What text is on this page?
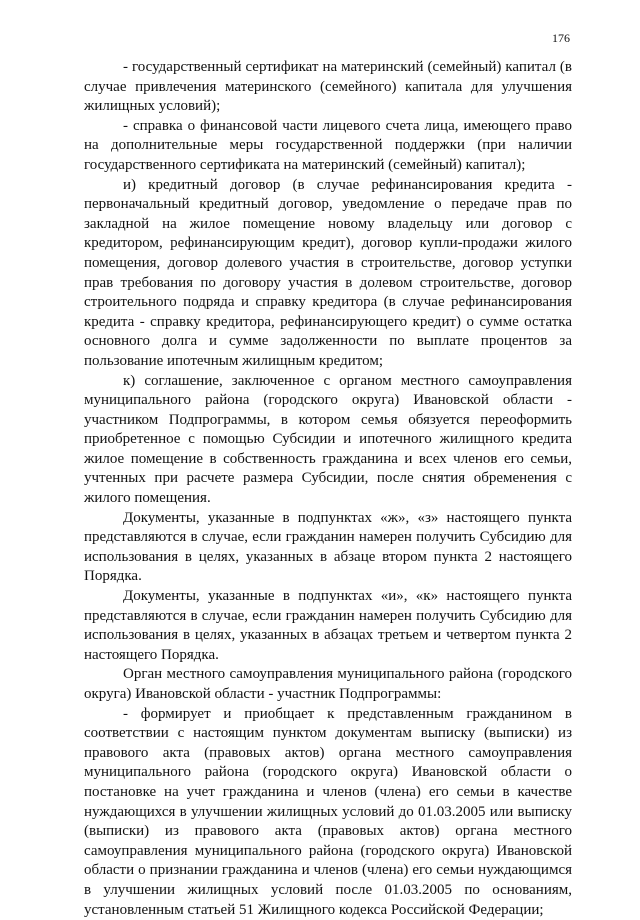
176

- государственный сертификат на материнский (семейный) капитал (в случае привлечения материнского (семейного) капитала для улучшения жилищных условий);

- справка о финансовой части лицевого счета лица, имеющего право на дополнительные меры государственной поддержки (при наличии государственного сертификата на материнский (семейный) капитал);

и) кредитный договор (в случае рефинансирования кредита - первоначальный кредитный договор, уведомление о передаче прав по закладной на жилое помещение новому владельцу или договор с кредитором, рефинансирующим кредит), договор купли-продажи жилого помещения, договор долевого участия в строительстве, договор уступки прав требования по договору участия в долевом строительстве, договор строительного подряда и справку кредитора (в случае рефинансирования кредита - справку кредитора, рефинансирующего кредит) о сумме остатка основного долга и сумме задолженности по выплате процентов за пользование ипотечным жилищным кредитом;

к) соглашение, заключенное с органом местного самоуправления муниципального района (городского округа) Ивановской области - участником Подпрограммы, в котором семья обязуется переоформить приобретенное с помощью Субсидии и ипотечного жилищного кредита жилое помещение в собственность гражданина и всех членов его семьи, учтенных при расчете размера Субсидии, после снятия обременения с жилого помещения.

Документы, указанные в подпунктах «ж», «з» настоящего пункта представляются в случае, если гражданин намерен получить Субсидию для использования в целях, указанных в абзаце втором пункта 2 настоящего Порядка.

Документы, указанные в подпунктах «и», «к» настоящего пункта представляются в случае, если гражданин намерен получить Субсидию для использования в целях, указанных в абзацах третьем и четвертом пункта 2 настоящего Порядка.

Орган местного самоуправления муниципального района (городского округа) Ивановской области - участник Подпрограммы:

- формирует и приобщает к представленным гражданином в соответствии с настоящим пунктом документам выписку (выписки) из правового акта (правовых актов) органа местного самоуправления муниципального района (городского округа) Ивановской области о постановке на учет гражданина и членов (члена) его семьи в качестве нуждающихся в улучшении жилищных условий до 01.03.2005 или выписку (выписки) из правового акта (правовых актов) органа местного самоуправления муниципального района (городского округа) Ивановской области о признании гражданина и членов (члена) его семьи нуждающимся в улучшении жилищных условий после 01.03.2005 по основаниям, установленным статьей 51 Жилищного кодекса Российской Федерации;
